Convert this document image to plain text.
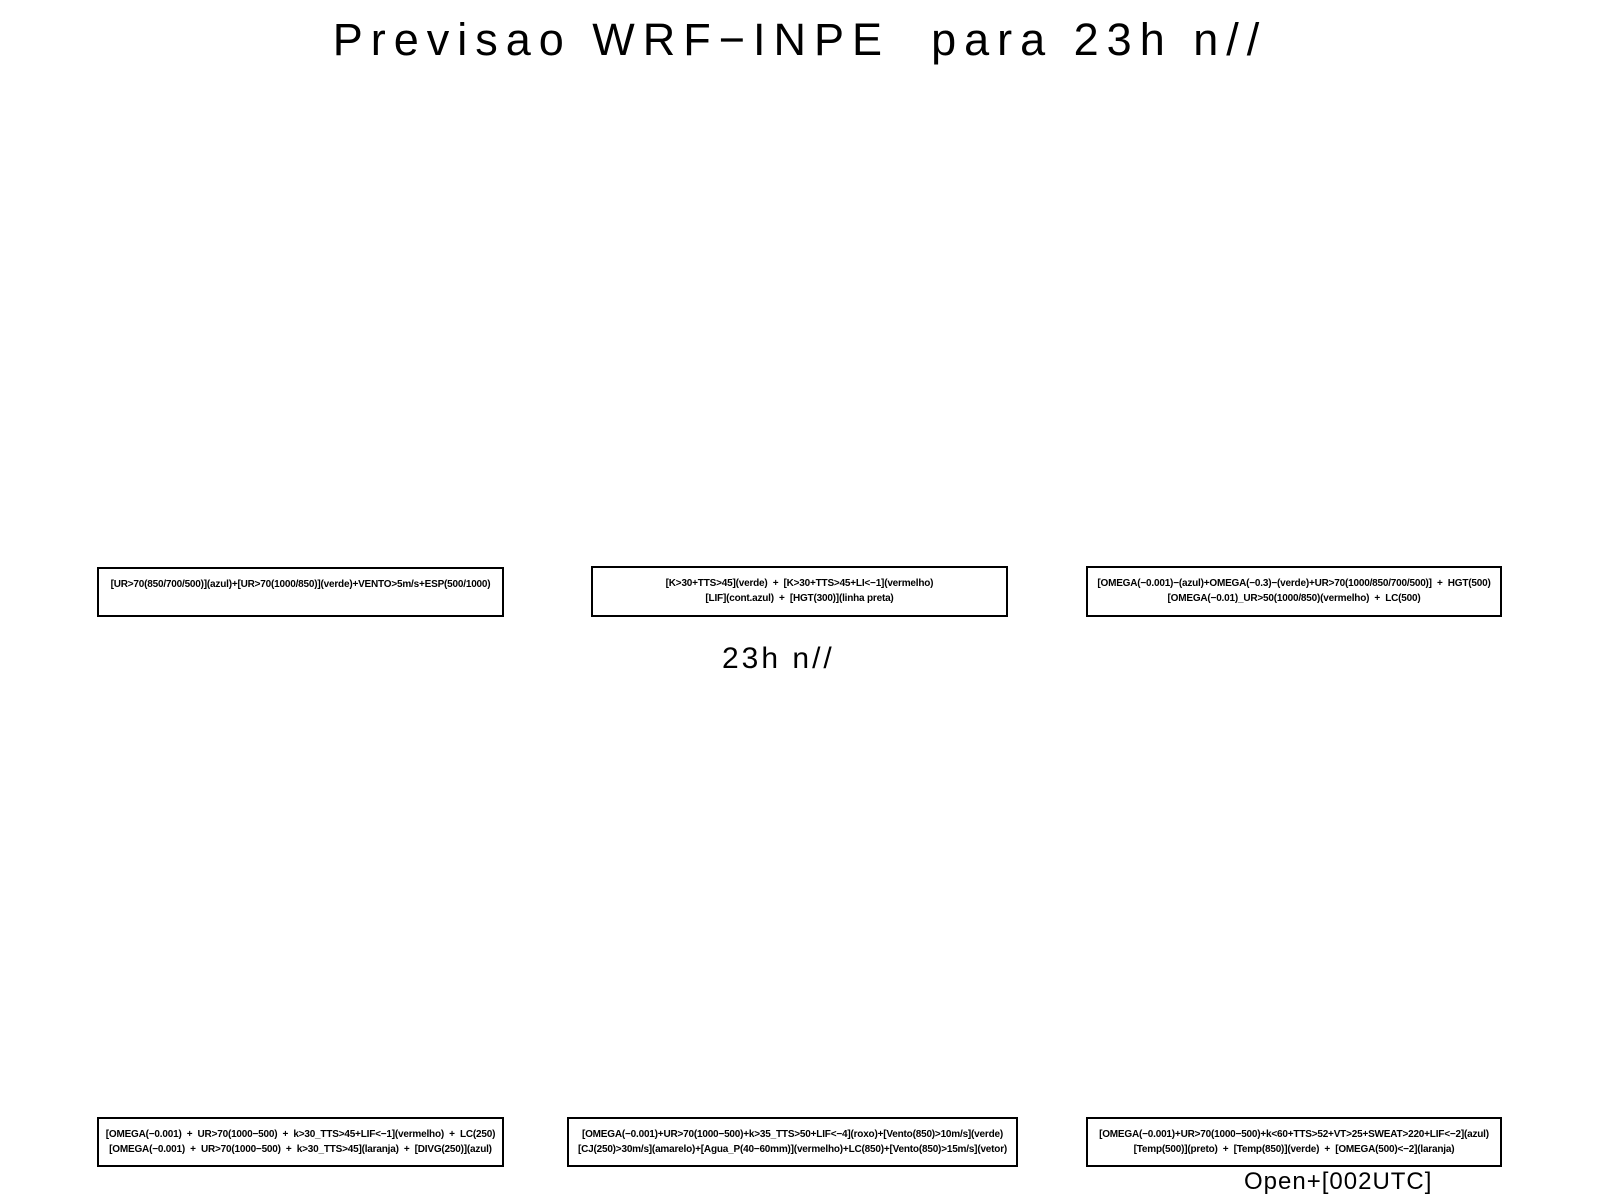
Previsao WRF−INPE  para 23h n//
[UR>70(850/700/500)](azul)+[UR>70(1000/850)](verde)+VENTO>5m/s+ESP(500/1000)	[K>30+TTS>45](verde)  +  [K>30+TTS>45+LI<−1](vermelho)
[LIF](cont.azul)  +  [HGT(300)](linha preta)
[OMEGA(−0.001)−(azul)+OMEGA(−0.3)−(verde)+UR>70(1000/850/700/500)]  +  HGT(500)
[OMEGA(−0.01)_UR>50(1000/850)(vermelho)  +  LC(500)
23h n//
[OMEGA(−0.001)  +  UR>70(1000−500)  +  k>30_TTS>45+LIF<−1](vermelho)  +  LC(250)
[OMEGA(−0.001)  +  UR>70(1000−500)  +  k>30_TTS>45](laranja)  +  [DIVG(250)](azul)
[OMEGA(−0.001)+UR>70(1000−500)+k>35_TTS>50+LIF<−4](roxo)+[Vento(850)>10m/s](verde)
[CJ(250)>30m/s](amarelo)+[Agua_P(40−60mm)](vermelho)+LC(850)+[Vento(850)>15m/s](vetor)
[OMEGA(−0.001)+UR>70(1000−500)+k<60+TTS>52+VT>25+SWEAT>220+LIF<−2](azul)
[Temp(500)](preto)  +  [Temp(850)](verde)  +  [OMEGA(500)<−2](laranja)
Open+[002UTC]
